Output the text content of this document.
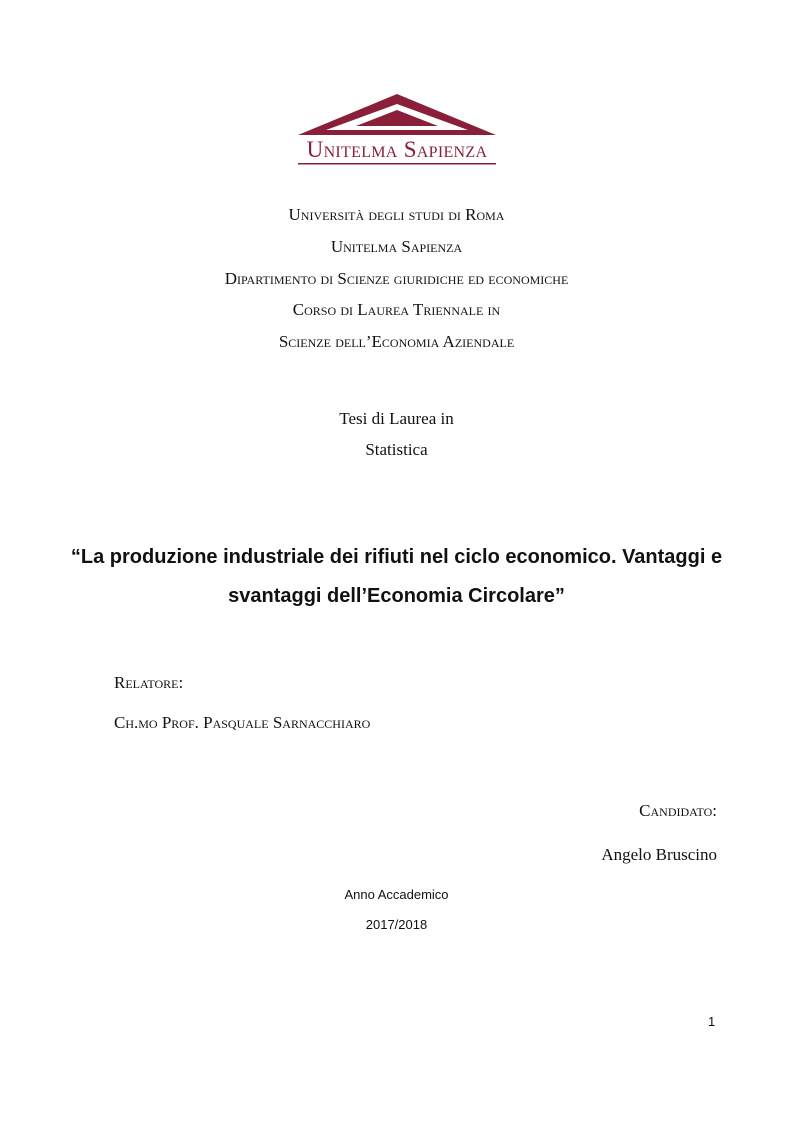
Unitelma Sapienza
Università degli studi di Roma
Unitelma Sapienza
Dipartimento di Scienze giuridiche ed economiche
Corso di Laurea Triennale in
Scienze dell’Economia Aziendale
Tesi di Laurea in
Statistica
“La produzione industriale dei rifiuti nel ciclo economico. Vantaggi e
svantaggi dell’Economia Circolare”
Relatore:
Ch.mo Prof. Pasquale Sarnacchiaro
Candidato:
Angelo Bruscino
Anno Accademico
2017/2018
1
